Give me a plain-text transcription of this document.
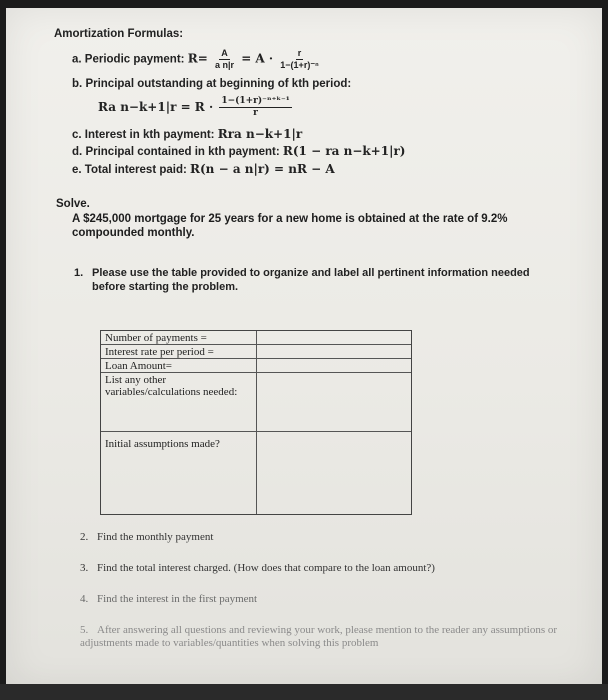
Amortization Formulas:
a. Periodic payment: $R= \frac{A}{\text{a n|r}} = A \cdot \frac{r}{\text{1−(1+r)⁻ⁿ}}$
b. Principal outstanding at beginning of kth period:
Ra $n-k+1|r = R \cdot \frac{\text{1−(1+r)⁻ⁿ⁺ᵏ⁻¹}}{r}$
c. Interest in kth payment: Rra n−k+1|r
d. Principal contained in kth payment: R(1 − ra n−k+1|r)
e. Total interest paid: R(n − a n|r) = nR − A
Solve.
A $245,000 mortgage for 25 years for a new home is obtained at the rate of 9.2%
compounded monthly.
1. Please use the table provided to organize and label all pertinent information needed
before starting the problem.
Number of payments =
Interest rate per period =
Loan Amount=
List any other variables/calculations needed:
Initial assumptions made?
2. Find the monthly payment
3. Find the total interest charged. (How does that compare to the loan amount?)
4. Find the interest in the first payment
5. After answering all questions and reviewing your work, please mention to the reader any assumptions or adjustments made to variables/quantities when solving this problem
